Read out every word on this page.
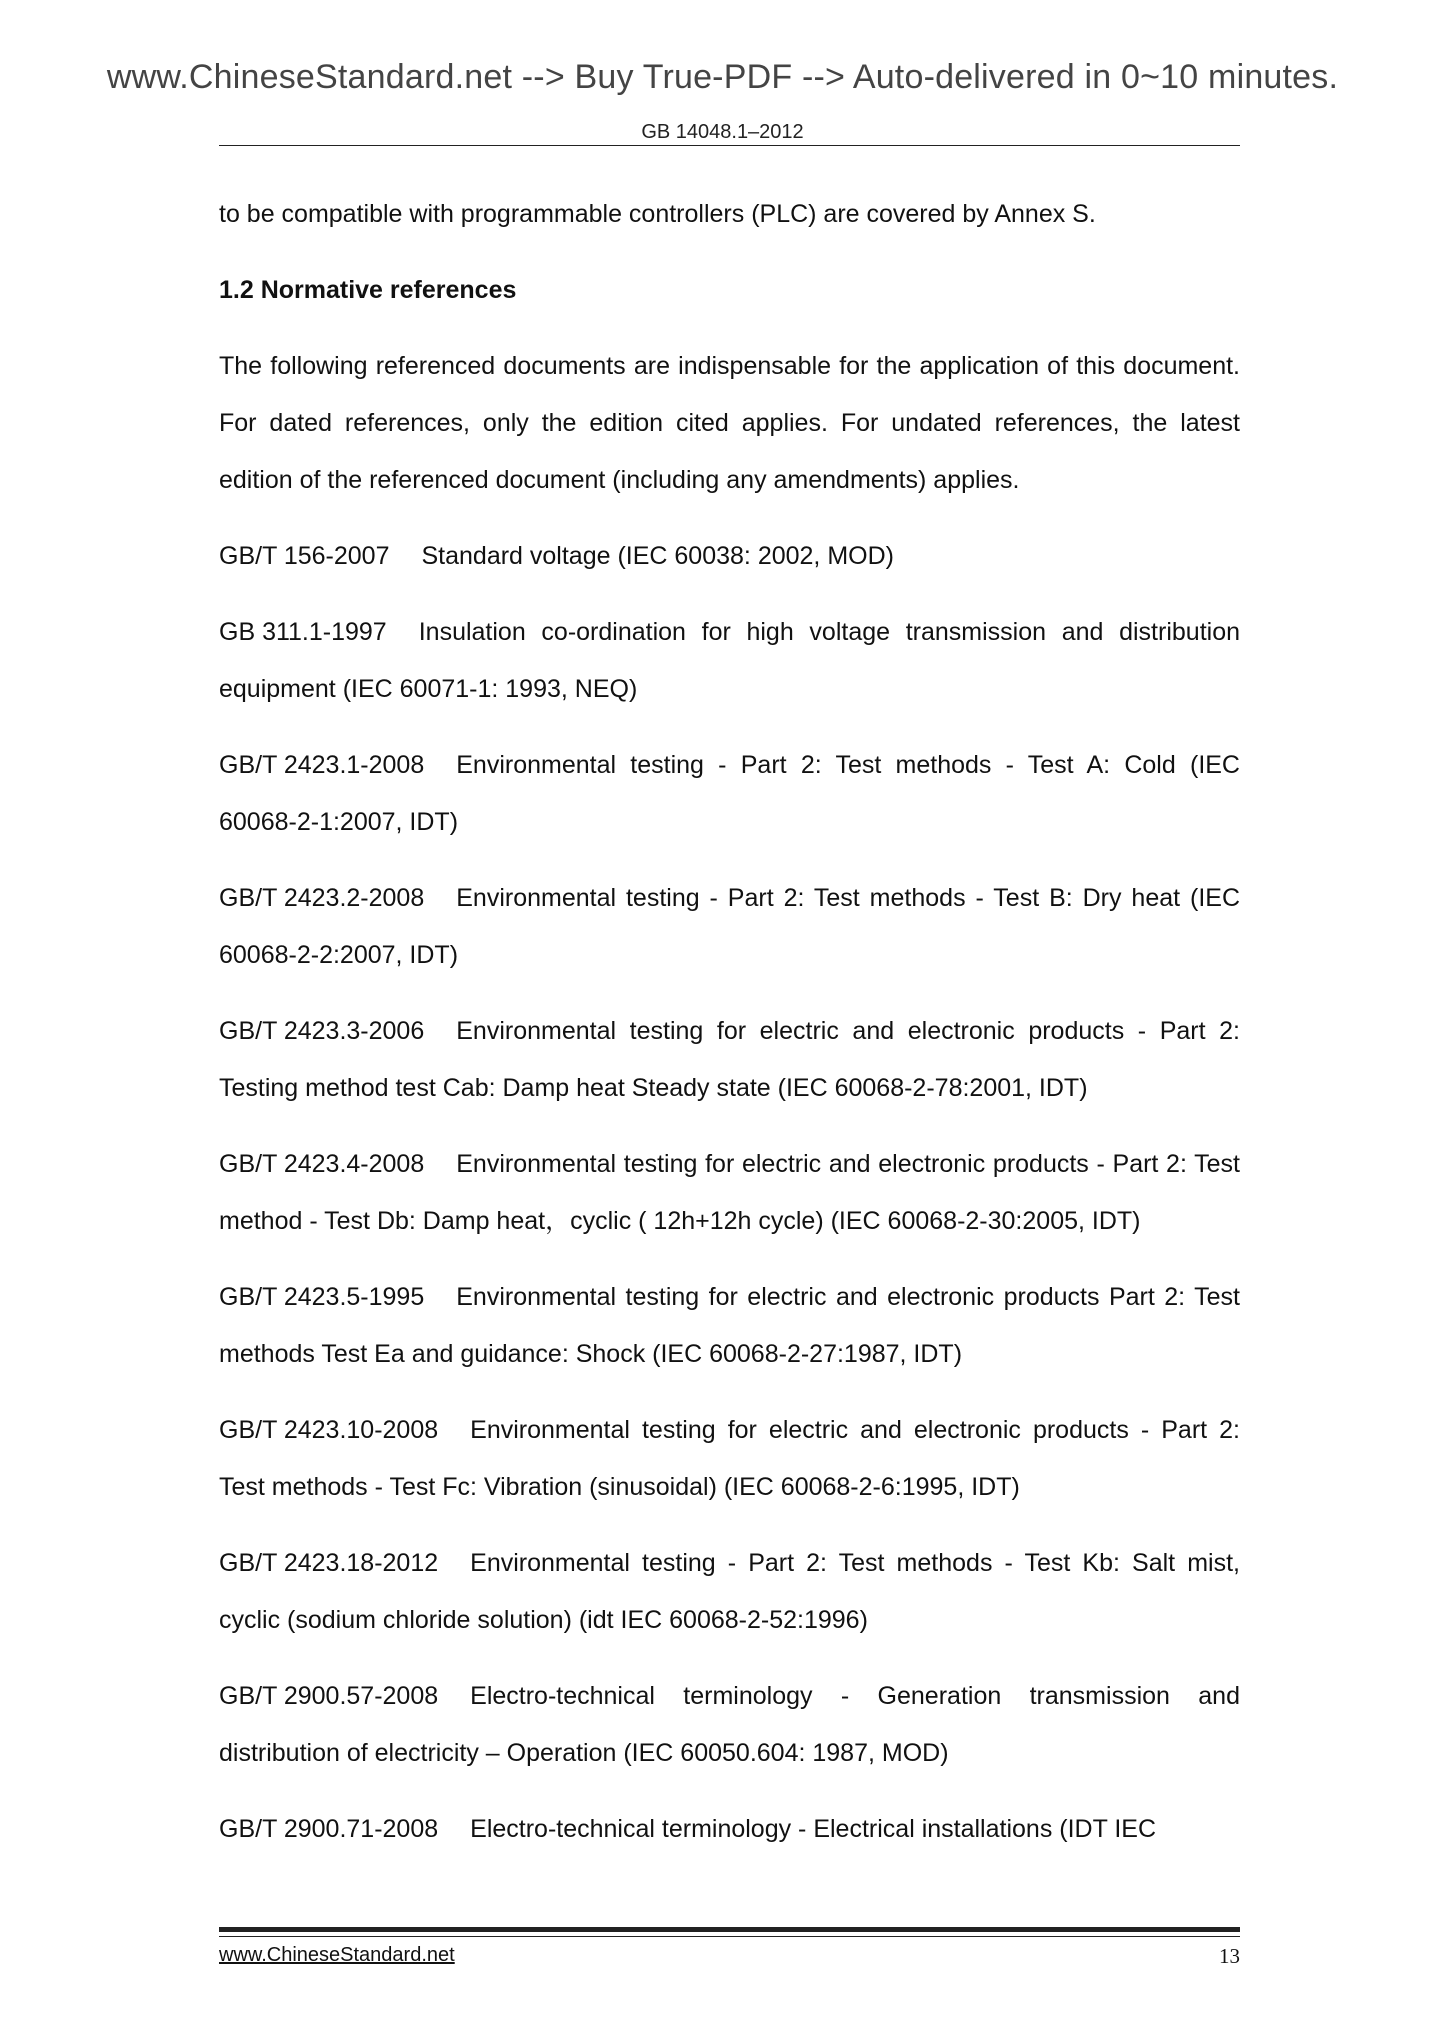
www.ChineseStandard.net --> Buy True-PDF --> Auto-delivered in 0~10 minutes.
GB 14048.1–2012

to be compatible with programmable controllers (PLC) are covered by Annex S.

1.2 Normative references

The following referenced documents are indispensable for the application of this document. For dated references, only the edition cited applies. For undated references, the latest edition of the referenced document (including any amendments) applies.

GB/T 156-2007 Standard voltage (IEC 60038: 2002, MOD)

GB 311.1-1997 Insulation co-ordination for high voltage transmission and distribution equipment (IEC 60071-1: 1993, NEQ)

GB/T 2423.1-2008 Environmental testing - Part 2: Test methods - Test A: Cold (IEC 60068-2-1:2007, IDT)

GB/T 2423.2-2008 Environmental testing - Part 2: Test methods - Test B: Dry heat (IEC 60068-2-2:2007, IDT)

GB/T 2423.3-2006 Environmental testing for electric and electronic products - Part 2: Testing method test Cab: Damp heat Steady state (IEC 60068-2-78:2001, IDT)

GB/T 2423.4-2008 Environmental testing for electric and electronic products - Part 2: Test method - Test Db: Damp heat，cyclic ( 12h+12h cycle) (IEC 60068-2-30:2005, IDT)

GB/T 2423.5-1995 Environmental testing for electric and electronic products Part 2: Test methods Test Ea and guidance: Shock (IEC 60068-2-27:1987, IDT)

GB/T 2423.10-2008 Environmental testing for electric and electronic products - Part 2: Test methods - Test Fc: Vibration (sinusoidal) (IEC 60068-2-6:1995, IDT)

GB/T 2423.18-2012 Environmental testing - Part 2: Test methods - Test Kb: Salt mist, cyclic (sodium chloride solution) (idt IEC 60068-2-52:1996)

GB/T 2900.57-2008 Electro-technical terminology - Generation transmission and distribution of electricity – Operation (IEC 60050.604: 1987, MOD)

GB/T 2900.71-2008 Electro-technical terminology - Electrical installations (IDT IEC

www.ChineseStandard.net	13
